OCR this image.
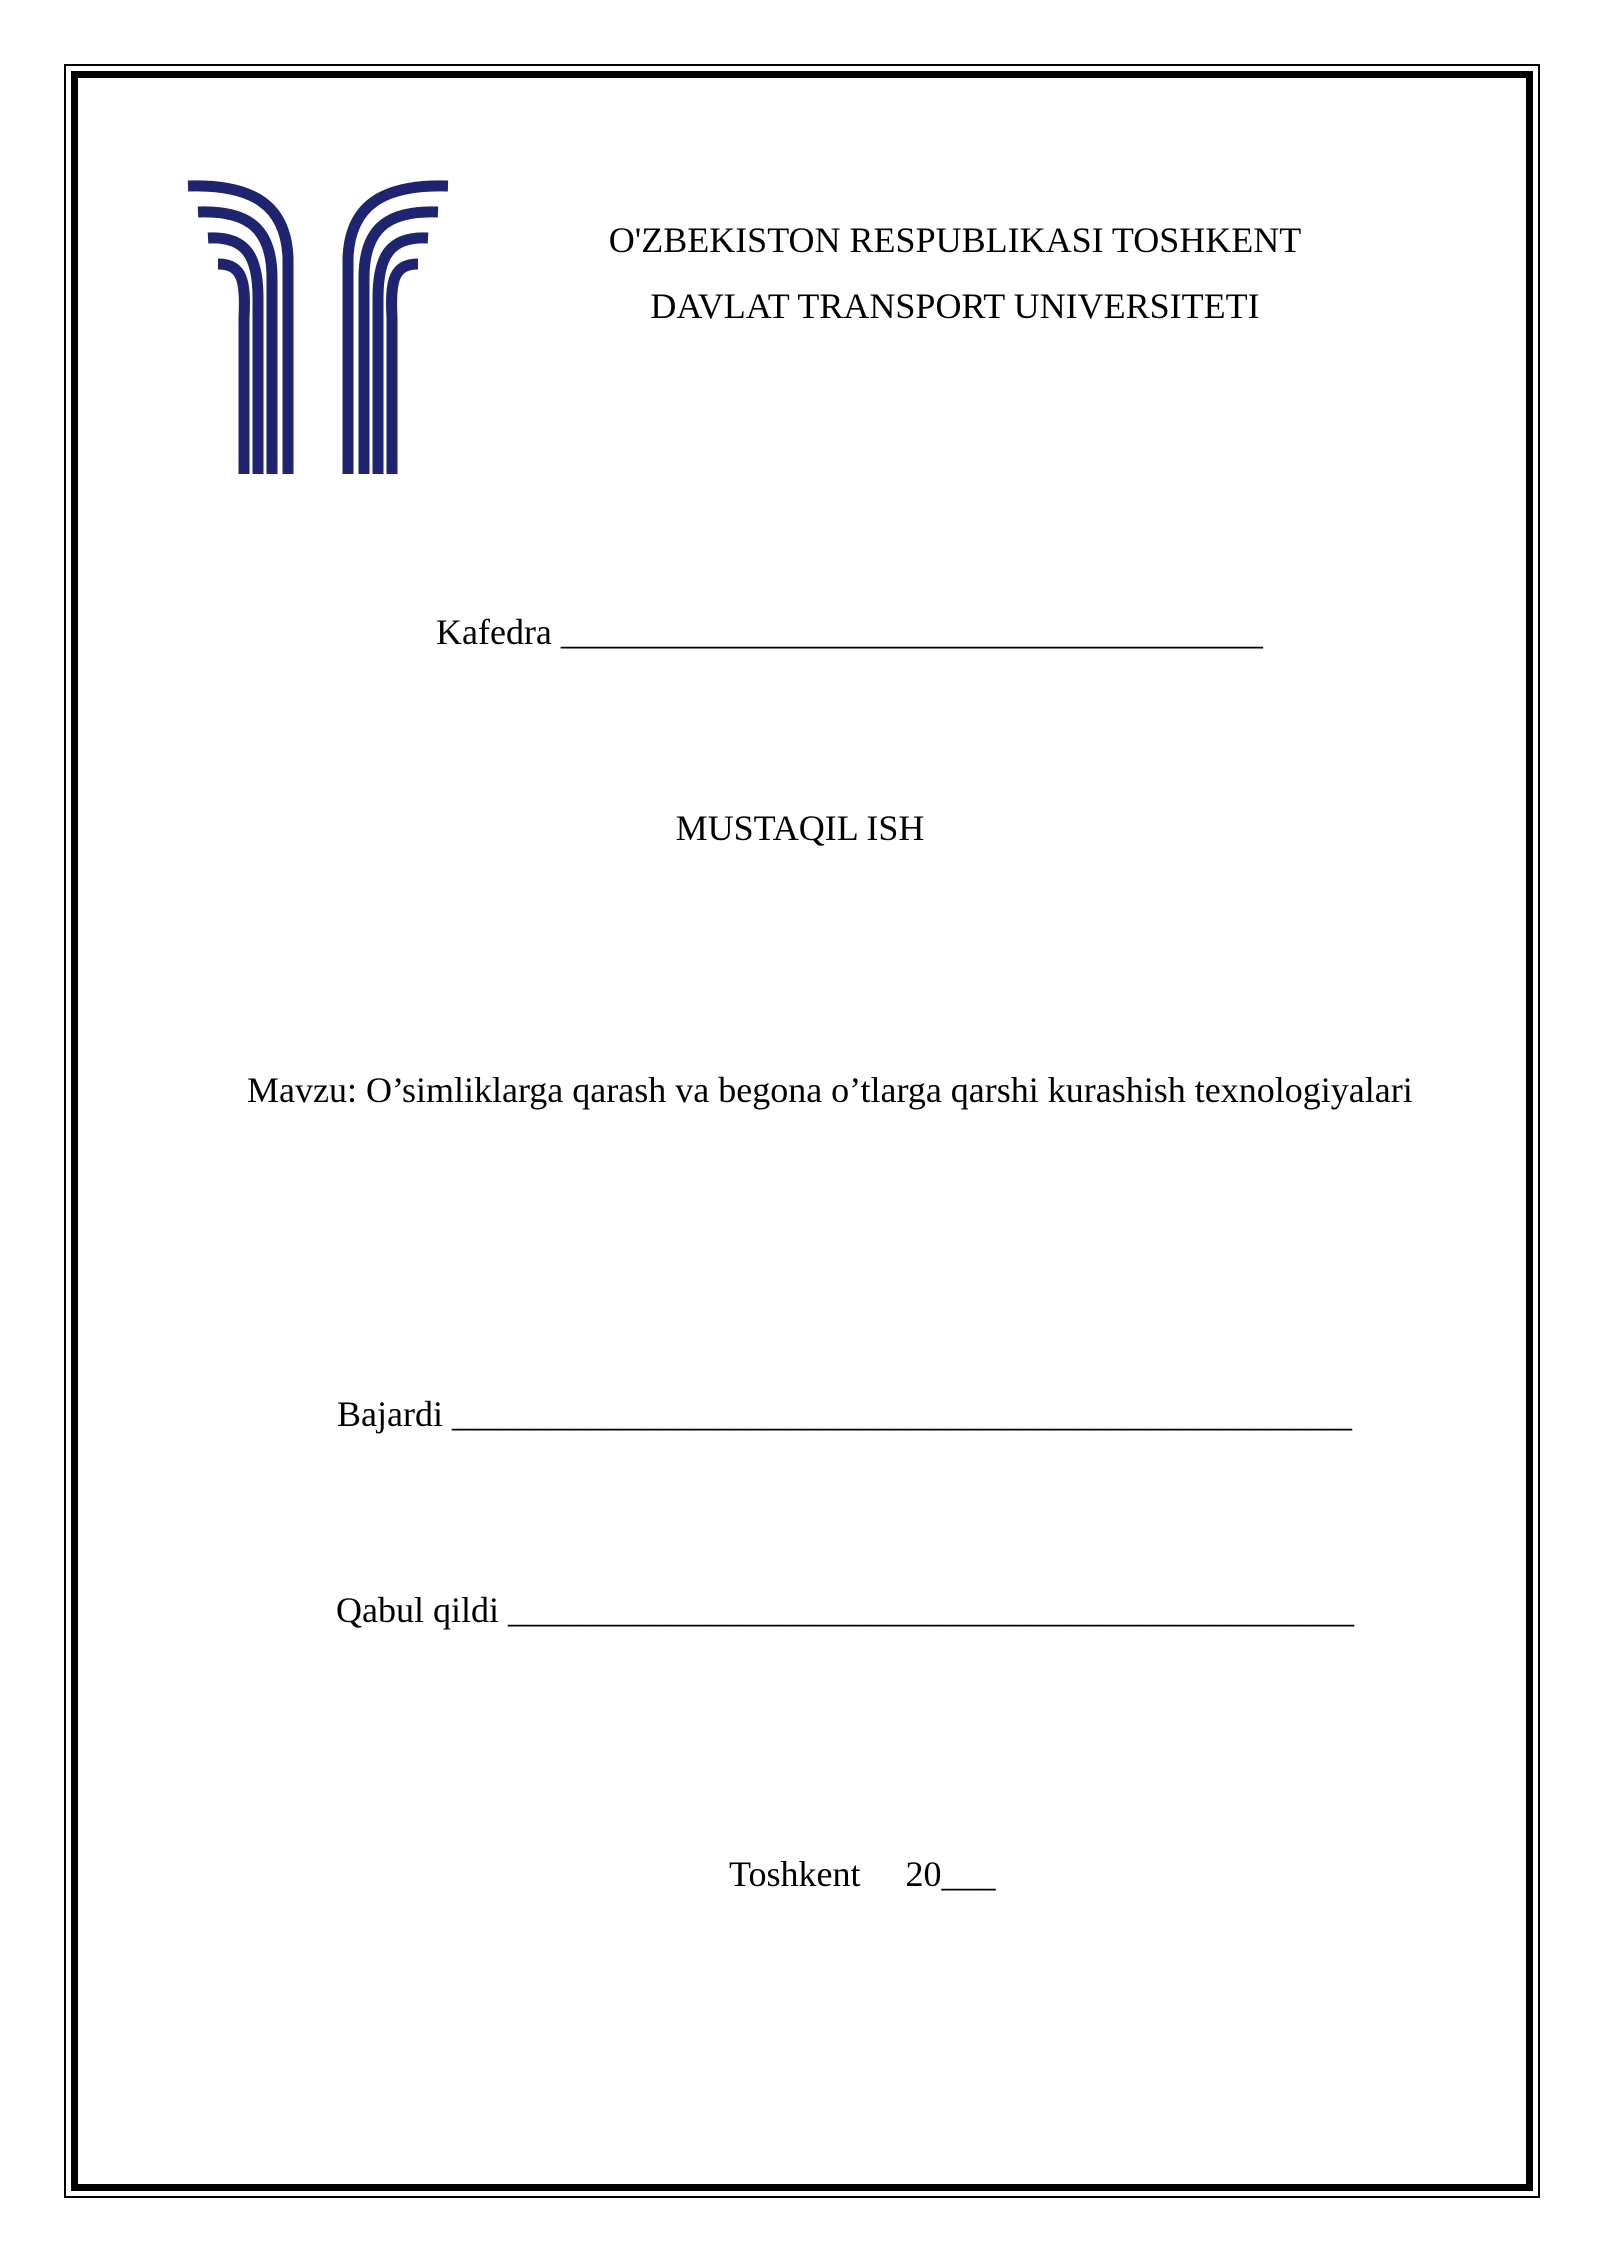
O'ZBEKISTON RESPUBLIKASI TOSHKENT
DAVLAT TRANSPORT UNIVERSITETI
Kafedra _______________________________________
MUSTAQIL ISH
Mavzu: O’simliklarga qarash va begona o’tlarga qarshi kurashish texnologiyalari
Bajardi __________________________________________________
Qabul qildi _______________________________________________
Toshkent 20___
